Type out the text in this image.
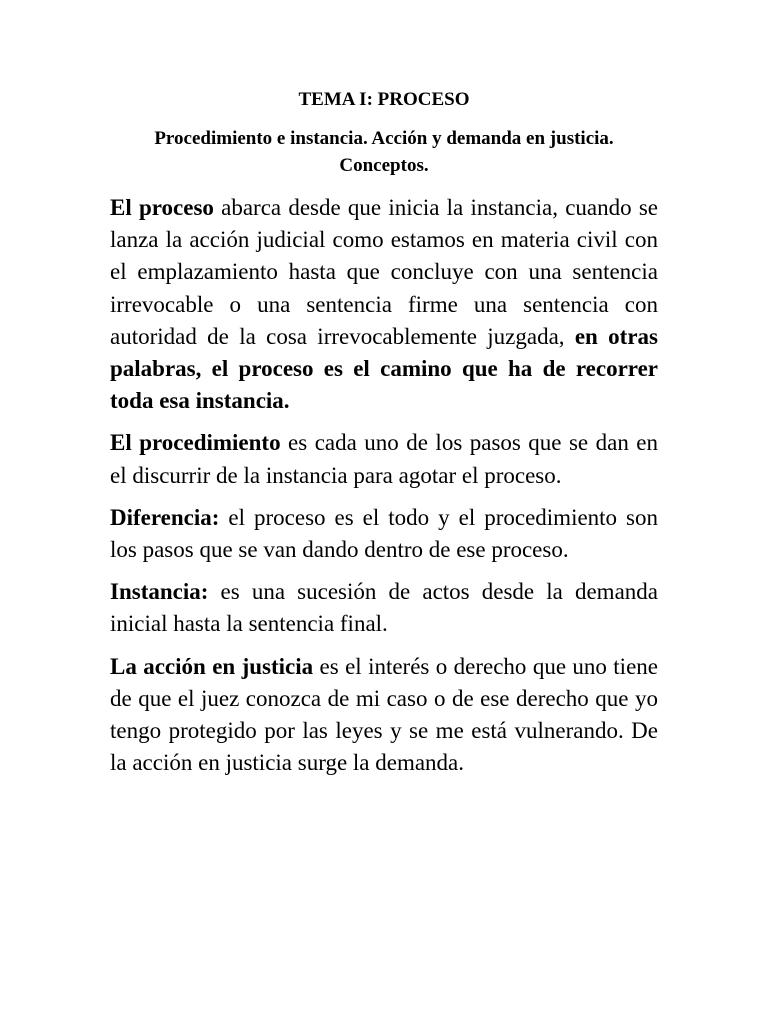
TEMA I: PROCESO
Procedimiento e instancia. Acción y demanda en justicia. Conceptos.

El proceso abarca desde que inicia la instancia, cuando se lanza la acción judicial como estamos en materia civil con el emplazamiento hasta que concluye con una sentencia irrevocable o una sentencia firme una sentencia con autoridad de la cosa irrevocablemente juzgada, en otras palabras, el proceso es el camino que ha de recorrer toda esa instancia.

El procedimiento es cada uno de los pasos que se dan en el discurrir de la instancia para agotar el proceso.

Diferencia: el proceso es el todo y el procedimiento son los pasos que se van dando dentro de ese proceso.

Instancia: es una sucesión de actos desde la demanda inicial hasta la sentencia final.

La acción en justicia es el interés o derecho que uno tiene de que el juez conozca de mi caso o de ese derecho que yo tengo protegido por las leyes y se me está vulnerando. De la acción en justicia surge la demanda.
